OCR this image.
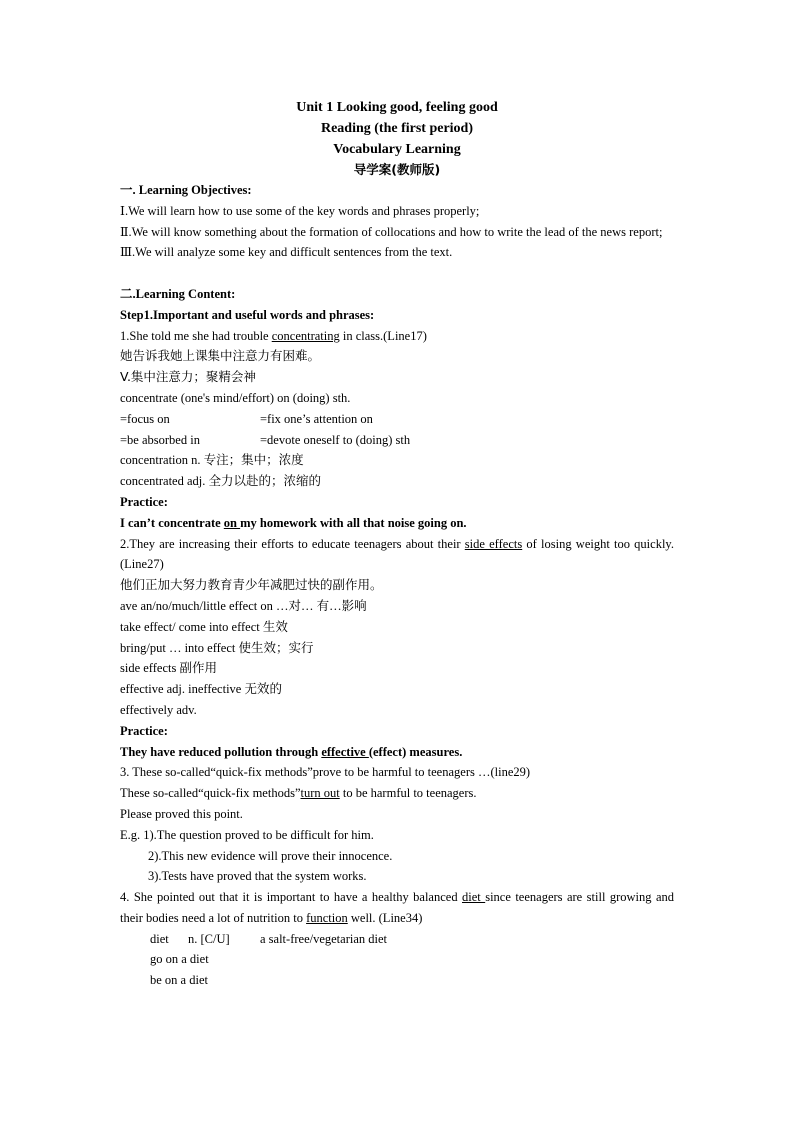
Unit 1 Looking good, feeling good
Reading (the first period)
Vocabulary Learning
导学案(教师版)
一. Learning Objectives:
Ⅰ.We will learn how to use some of the key words and phrases properly;
Ⅱ.We will know something about the formation of collocations and how to write the lead of the news report;
Ⅲ.We will analyze some key and difficult sentences from the text.
二.Learning Content:
Step1.Important and useful words and phrases:
1.She told me she had trouble concentrating in class.(Line17)
她告诉我她上课集中注意力有困难。
V.集中注意力；聚精会神
concentrate (one's mind/effort) on (doing) sth.
=focus on	=fix one’s attention on
=be absorbed in	=devote oneself to (doing) sth
concentration n. 专注；集中；浓度
concentrated adj. 全力以赴的；浓缩的
Practice:
I can’t concentrate on my homework with all that noise going on.
2.They are increasing their efforts to educate teenagers about their side effects of losing weight too quickly. (Line27)
他们正加大努力教育青少年减肥过快的副作用。
ave an/no/much/little effect on …对… 有…影响
take effect/ come into effect 生效
bring/put … into effect 使生效；实行
side effects 副作用
effective adj. ineffective 无效的
effectively adv.
Practice:
They have reduced pollution through effective (effect) measures.
3. These so-called“quick-fix methods”prove to be harmful to teenagers …(line29)
These so-called“quick-fix methods”turn out to be harmful to teenagers.
Please proved this point.
E.g. 1).The question proved to be difficult for him.
2).This new evidence will prove their innocence.
3).Tests have proved that the system works.
4. She pointed out that it is important to have a healthy balanced diet since teenagers are still growing and their bodies need a lot of nutrition to function well. (Line34)
diet n. [C/U] a salt-free/vegetarian diet
go on a diet
be on a diet
